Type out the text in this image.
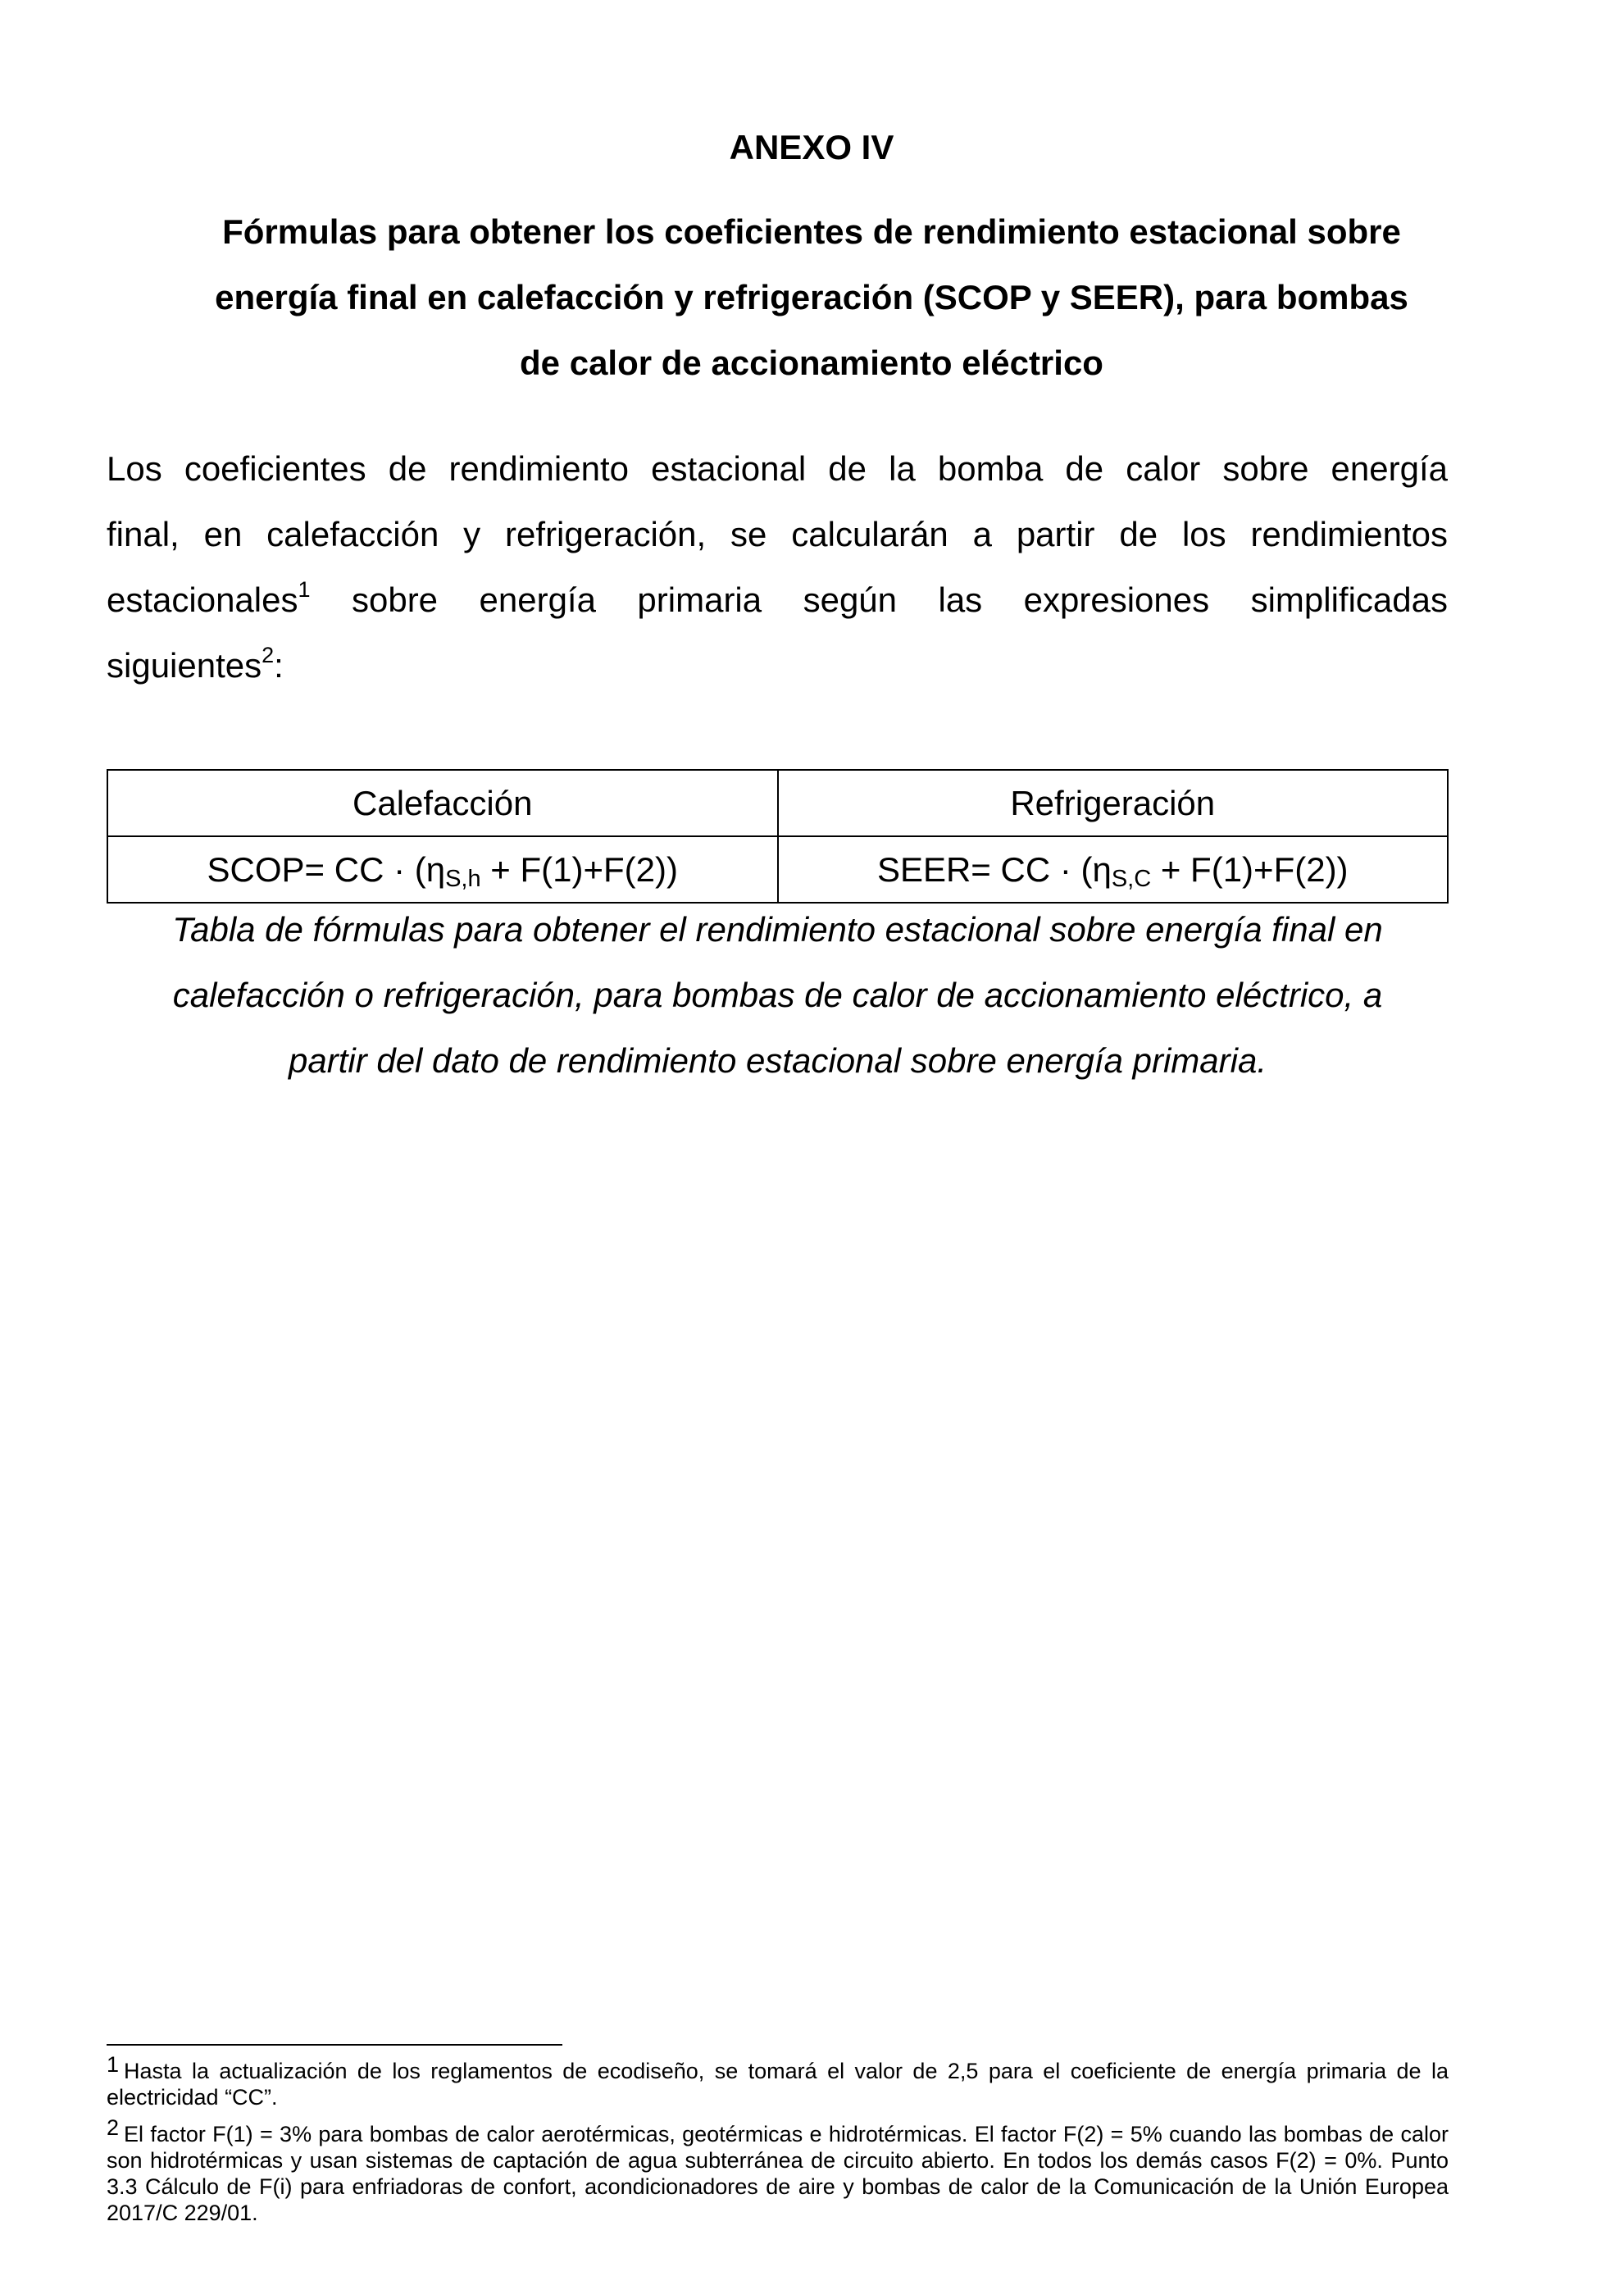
ANEXO IV
Fórmulas para obtener los coeficientes de rendimiento estacional sobre
energía final en calefacción y refrigeración (SCOP y SEER), para bombas
de calor de accionamiento eléctrico
Los coeficientes de rendimiento estacional de la bomba de calor sobre energía
final, en calefacción y refrigeración, se calcularán a partir de los rendimientos
estacionales$^1$ sobre energía primaria según las expresiones simplificadas
siguientes$^2$:
Calefacción	Refrigeración
SCOP= CC · $(\eta_{S,h} + F(1)+F(2))$	SEER= CC · $(\eta_{S,C} + F(1)+F(2))$
Tabla de fórmulas para obtener el rendimiento estacional sobre energía final en
calefacción o refrigeración, para bombas de calor de accionamiento eléctrico, a
partir del dato de rendimiento estacional sobre energía primaria.

$^1$ Hasta la actualización de los reglamentos de ecodiseño, se tomará el valor de 2,5 para el coeficiente de energía primaria de la electricidad “CC”.

$^2$ El factor F(1) = 3% para bombas de calor aerotérmicas, geotérmicas e hidrotérmicas. El factor F(2) = 5% cuando las bombas de calor son hidrotérmicas y usan sistemas de captación de agua subterránea de circuito abierto. En todos los demás casos F(2) = 0%. Punto 3.3 Cálculo de F(i) para enfriadoras de confort, acondicionadores de aire y bombas de calor de la Comunicación de la Unión Europea 2017/C 229/01.
